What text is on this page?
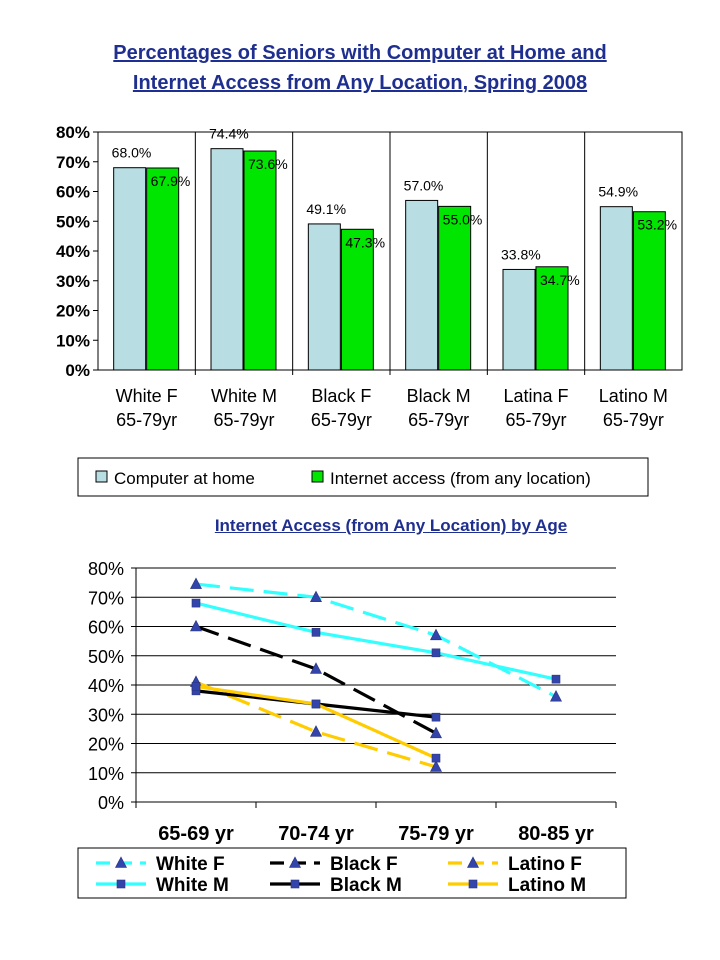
Percentages of Seniors with Computer at Home and
Internet Access from Any Location, Spring 2008
Internet Access (from Any Location) by Age
0%
10%
20%
30%
40%
50%
60%
70%
80%
68.0%
67.9%
White F
65-79yr
74.4%
73.6%
White M
65-79yr
49.1%
47.3%
Black F
65-79yr
57.0%
55.0%
Black M
65-79yr
33.8%
34.7%
Latina F
65-79yr
54.9%
53.2%
Latino M
65-79yr
Computer at home	Internet access (from any location)
0%
10%
20%
30%
40%
50%
60%
70%
80%
65-69 yr 70-74 yr 75-79 yr 80-85 yr
White F	Black F	Latino F
White M	Black M	Latino M
